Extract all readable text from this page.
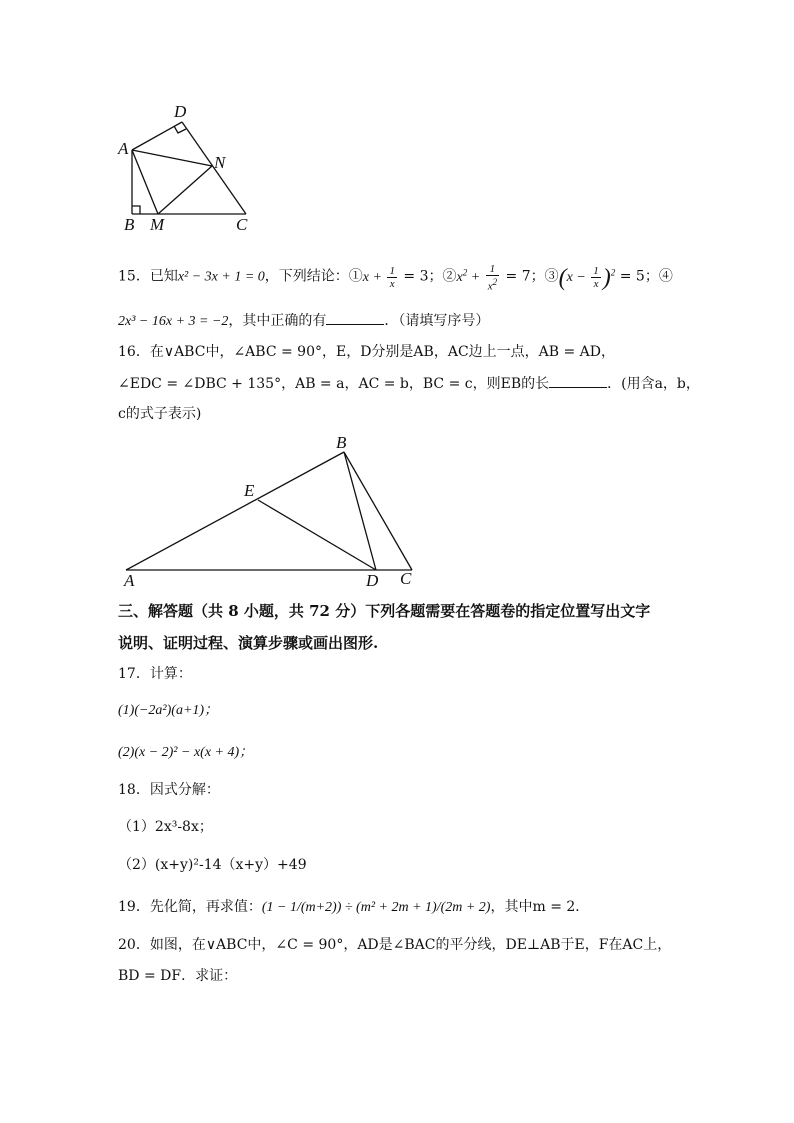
D
A
N
B M	C
15．已知x² − 3x + 1 = 0，下列结论：①x + $\frac{1}{x} = 3$；$②x^2 + \frac{1}{x^2} = 7$；③(x − $\frac{1}{x} )^2 = 5$；④
2x³ − 16x + 3 = −2，其中正确的有	．（请填写序号）
16．在∨ABC中，∠ABC = 90°，E，D分别是AB，AC边上一点，AB = AD，
∠EDC = ∠DBC + 135°，AB = a，AC = b，BC = c，则EB的长	．(用含a，b，
c的式子表示)
B
E
A	D C
三、解答题（共 8 小题，共 72 分）下列各题需要在答题卷的指定位置写出文字
说明、证明过程、演算步骤或画出图形.
17．计算：
(1)(−2a²)(a+1)；
(2)(x − 2)² − x(x + 4)；
18．因式分解：
（1）2x³-8x；
（2）(x+y)²-14（x+y）+49
19．先化简，再求值：(1 − 1/(m+2)) ÷ (m² + 2m + 1)/(2m + 2)，其中m = 2．
20．如图，在∨ABC中，∠C = 90°，AD是∠BAC的平分线，DE⊥AB于E，F在AC上，
BD = DF．求证：
